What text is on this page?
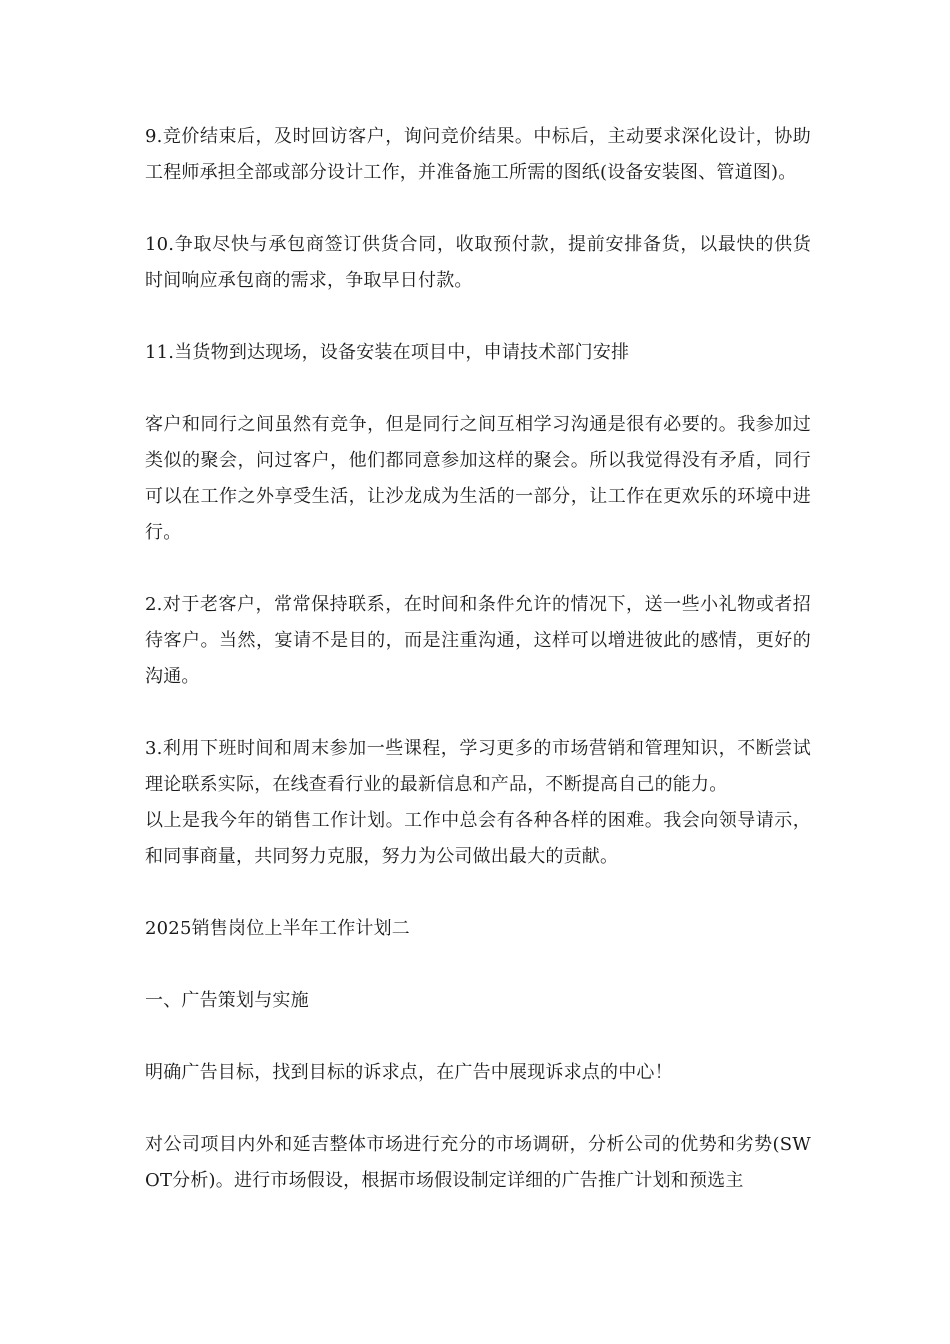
9.竞价结束后，及时回访客户，询问竞价结果。中标后，主动要求深化设计，协助工程师承担全部或部分设计工作，并准备施工所需的图纸(设备安装图、管道图)。

10.争取尽快与承包商签订供货合同，收取预付款，提前安排备货，以最快的供货时间响应承包商的需求，争取早日付款。

11.当货物到达现场，设备安装在项目中，申请技术部门安排

客户和同行之间虽然有竞争，但是同行之间互相学习沟通是很有必要的。我参加过类似的聚会，问过客户，他们都同意参加这样的聚会。所以我觉得没有矛盾，同行可以在工作之外享受生活，让沙龙成为生活的一部分，让工作在更欢乐的环境中进行。

2.对于老客户，常常保持联系，在时间和条件允许的情况下，送一些小礼物或者招待客户。当然，宴请不是目的，而是注重沟通，这样可以增进彼此的感情，更好的沟通。

3.利用下班时间和周末参加一些课程，学习更多的市场营销和管理知识，不断尝试理论联系实际，在线查看行业的最新信息和产品，不断提高自己的能力。

以上是我今年的销售工作计划。工作中总会有各种各样的困难。我会向领导请示，和同事商量，共同努力克服，努力为公司做出最大的贡献。

2025销售岗位上半年工作计划二

一、广告策划与实施

明确广告目标，找到目标的诉求点，在广告中展现诉求点的中心！

对公司项目内外和延吉整体市场进行充分的市场调研，分析公司的优势和劣势(SWOT分析)。进行市场假设，根据市场假设制定详细的广告推广计划和预选主
